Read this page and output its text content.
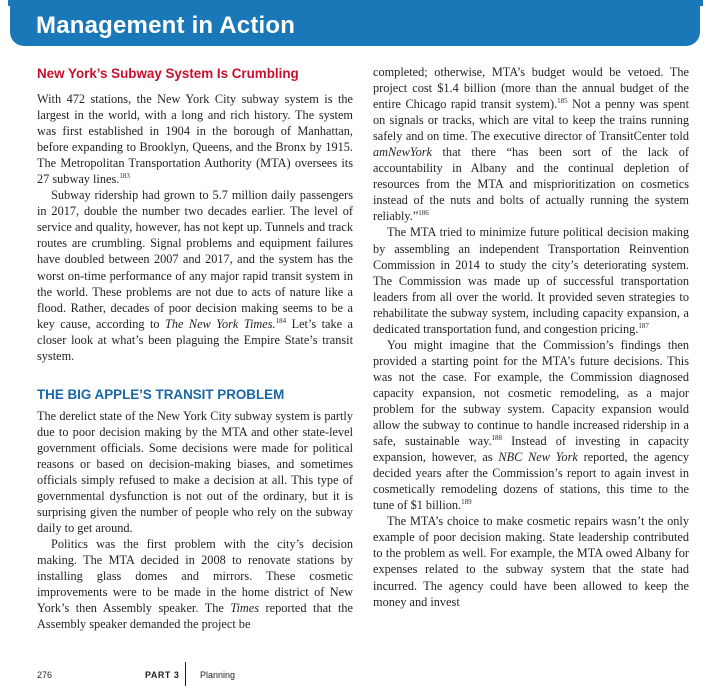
Management in Action
New York’s Subway System Is Crumbling

With 472 stations, the New York City subway system is the largest in the world, with a long and rich history. The system was first established in 1904 in the borough of Manhattan, before expanding to Brooklyn, Queens, and the Bronx by 1915. The Metropolitan Transportation Authority (MTA) oversees its 27 subway lines.$^{183}$

Subway ridership had grown to 5.7 million daily passengers in 2017, double the number two decades earlier. The level of service and quality, however, has not kept up. Tunnels and track routes are crumbling. Signal problems and equipment failures have doubled between 2007 and 2017, and the system has the worst on-time performance of any major rapid transit system in the world. These problems are not due to acts of nature like a flood. Rather, decades of poor decision making seems to be a key cause, according to The New York Times.$^{184}$ Let’s take a closer look at what’s been plaguing the Empire State’s transit system.

THE BIG APPLE’S TRANSIT PROBLEM

The derelict state of the New York City subway system is partly due to poor decision making by the MTA and other state-level government officials. Some decisions were made for political reasons or based on decision-making biases, and sometimes officials simply refused to make a decision at all. This type of governmental dysfunction is not out of the ordinary, but it is surprising given the number of people who rely on the subway daily to get around.

Politics was the first problem with the city’s decision making. The MTA decided in 2008 to renovate stations by installing glass domes and mirrors. These cosmetic improvements were to be made in the home district of New York’s then Assembly speaker. The Times reported that the Assembly speaker demanded the project be

completed; otherwise, MTA’s budget would be vetoed. The project cost $1.4 billion (more than the annual budget of the entire Chicago rapid transit system).$^{185}$ Not a penny was spent on signals or tracks, which are vital to keep the trains running safely and on time. The executive director of TransitCenter told amNewYork that there “has been sort of the lack of accountability in Albany and the continual depletion of resources from the MTA and misprioritization on cosmetics instead of the nuts and bolts of actually running the system reliably.”$^{186}$

The MTA tried to minimize future political decision making by assembling an independent Transportation Reinvention Commission in 2014 to study the city’s deteriorating system. The Commission was made up of successful transportation leaders from all over the world. It provided seven strategies to rehabilitate the subway system, including capacity expansion, a dedicated transportation fund, and congestion pricing.$^{187}$

You might imagine that the Commission’s findings then provided a starting point for the MTA’s future decisions. This was not the case. For example, the Commission diagnosed capacity expansion, not cosmetic remodeling, as a major problem for the subway system. Capacity expansion would allow the subway to continue to handle increased ridership in a safe, sustainable way.$^{188}$ Instead of investing in capacity expansion, however, as NBC New York reported, the agency decided years after the Commission’s report to again invest in cosmetically remodeling dozens of stations, this time to the tune of $1 billion.$^{189}$

The MTA’s choice to make cosmetic repairs wasn’t the only example of poor decision making. State leadership contributed to the problem as well. For example, the MTA owed Albany for expenses related to the subway system that the state had incurred. The agency could have been allowed to keep the money and invest

276	PART 3 Planning
